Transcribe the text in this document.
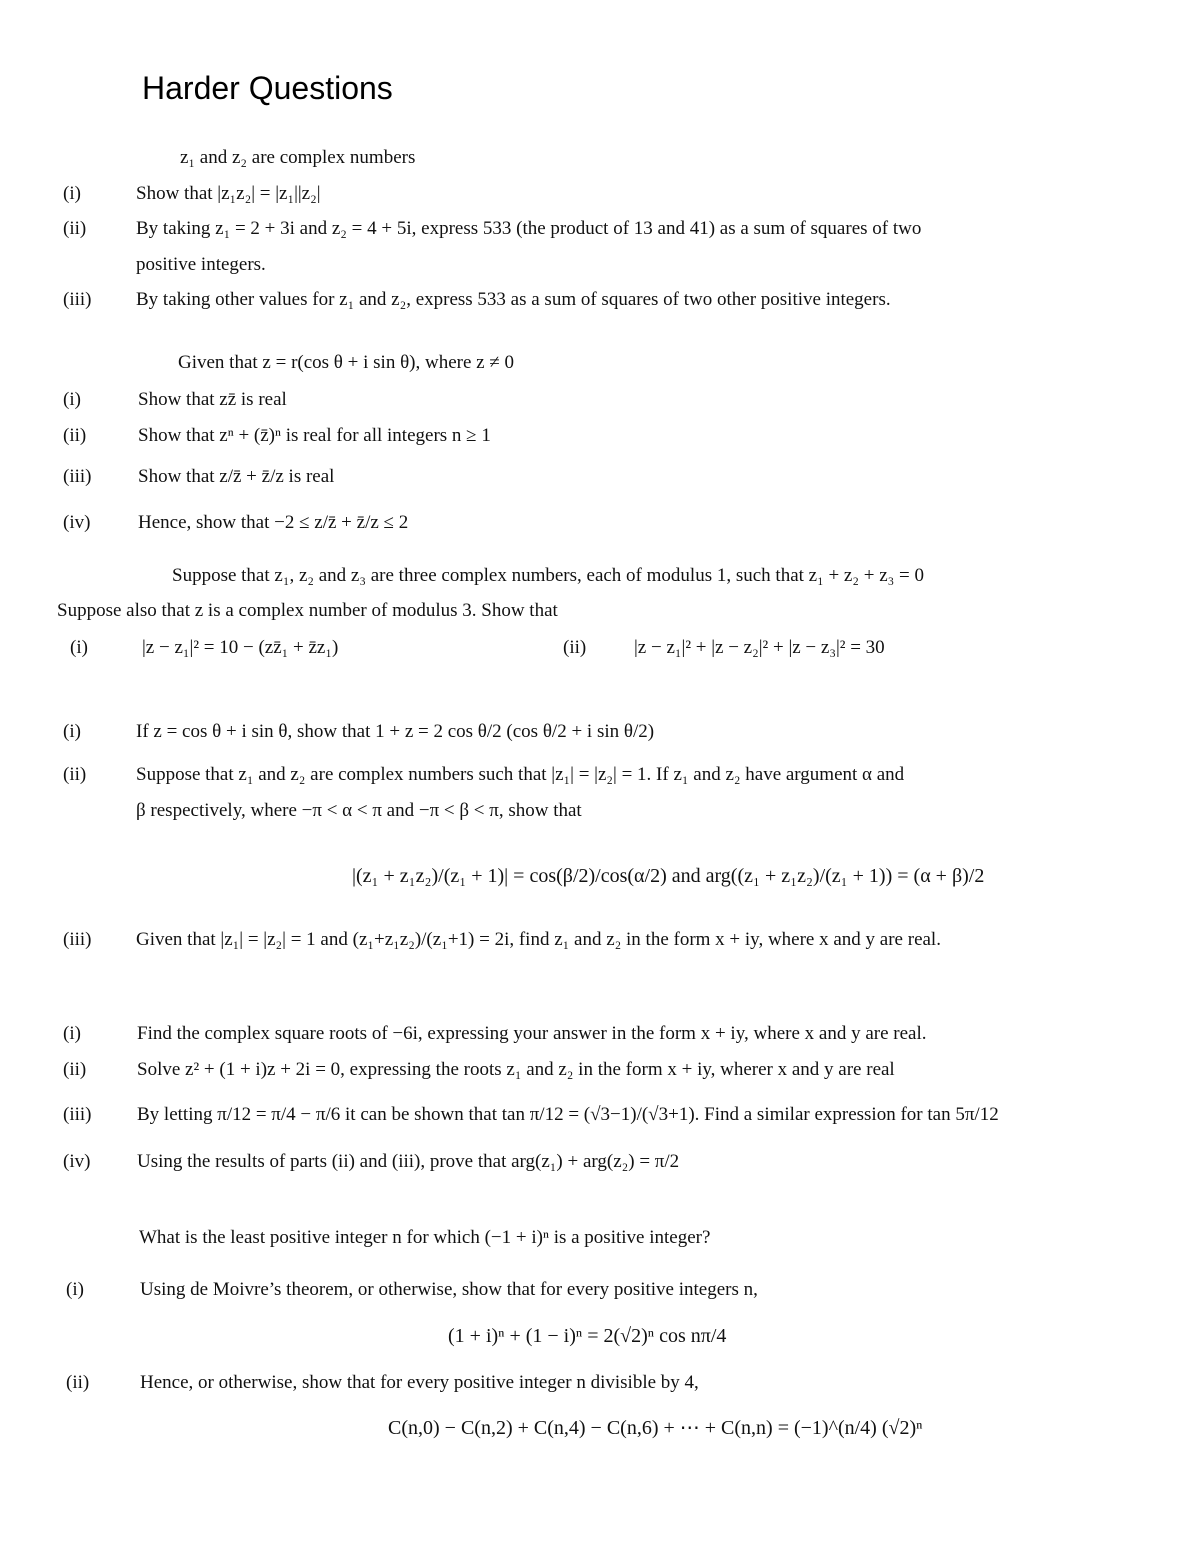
Harder Questions
z₁ and z₂ are complex numbers
(i)	Show that |z₁z₂| = |z₁||z₂|
(ii)	By taking z₁ = 2 + 3i and z₂ = 4 + 5i, express 533 (the product of 13 and 41) as a sum of squares of two
positive integers.
(iii) By taking other values for z₁ and z₂, express 533 as a sum of squares of two other positive integers.
Given that z = r(cos θ + i sin θ), where z ≠ 0
(i)	Show that zz̄ is real
(ii)	Show that zⁿ + (z̄)ⁿ is real for all integers n ≥ 1
(iii) Show that z/z̄ + z̄/z is real
(iv)	Hence, show that −2 ≤ z/z̄ + z̄/z ≤ 2
Suppose that z₁, z₂ and z₃ are three complex numbers, each of modulus 1, such that z₁ + z₂ + z₃ = 0
Suppose also that z is a complex number of modulus 3. Show that
(i)	|z − z₁|² = 10 − (zz̄₁ + z̄z₁)	(ii)	|z − z₁|² + |z − z₂|² + |z − z₃|² = 30
(i)	If z = cos θ + i sin θ, show that 1 + z = 2 cos θ/2 (cos θ/2 + i sin θ/2)
(ii)	Suppose that z₁ and z₂ are complex numbers such that |z₁| = |z₂| = 1. If z₁ and z₂ have argument α and
β respectively, where −π < α < π and −π < β < π, show that
|(z₁ + z₁z₂)/(z₁ + 1)| = cos(β/2)/cos(α/2) and arg((z₁ + z₁z₂)/(z₁ + 1)) = (α + β)/2
(iii) Given that |z₁| = |z₂| = 1 and (z₁+z₁z₂)/(z₁+1) = 2i, find z₁ and z₂ in the form x + iy, where x and y are real.
(i)	Find the complex square roots of −6i, expressing your answer in the form x + iy, where x and y are real.
(ii)	Solve z² + (1 + i)z + 2i = 0, expressing the roots z₁ and z₂ in the form x + iy, wherer x and y are real
(iii) By letting π/12 = π/4 − π/6 it can be shown that tan π/12 = (√3−1)/(√3+1). Find a similar expression for tan 5π/12
(iv) Using the results of parts (ii) and (iii), prove that arg(z₁) + arg(z₂) = π/2
What is the least positive integer n for which (−1 + i)ⁿ is a positive integer?
(i)	Using de Moivre’s theorem, or otherwise, show that for every positive integers n,
(1 + i)ⁿ + (1 − i)ⁿ = 2(√2)ⁿ cos nπ/4
(ii)	Hence, or otherwise, show that for every positive integer n divisible by 4,
C(n,0) − C(n,2) + C(n,4) − C(n,6) + ⋯ + C(n,n) = (−1)^(n/4) (√2)ⁿ
